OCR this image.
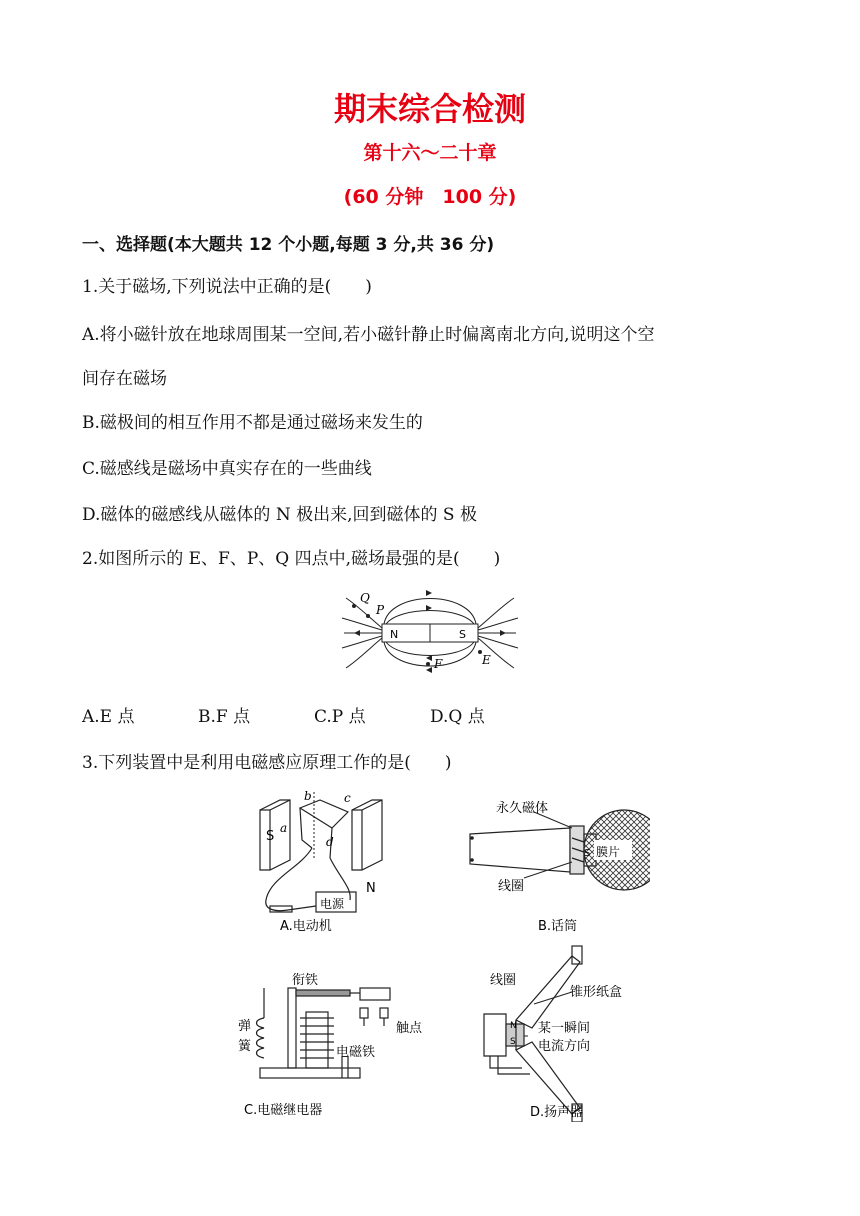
期末综合检测
第十六～二十章
(60 分钟　100 分)
一、选择题(本大题共 12 个小题,每题 3 分,共 36 分)
1.关于磁场,下列说法中正确的是(　　)
A.将小磁针放在地球周围某一空间,若小磁针静止时偏离南北方向,说明这个空
间存在磁场
B.磁极间的相互作用不都是通过磁场来发生的
C.磁感线是磁场中真实存在的一些曲线
D.磁体的磁感线从磁体的 N 极出来,回到磁体的 S 极
2.如图所示的 E、F、P、Q 四点中,磁场最强的是(　　)
N	S
Q
P
F	E
A.E 点	B.F 点	C.P 点	D.Q 点
3.下列装置中是利用电磁感应原理工作的是(　　)
S
N
a
b	c
d
电源
A.电动机
永久磁体
膜片
S
线圈
B.话筒
衔铁
弹
簧
触点
电磁铁
C.电磁继电器
线圈
锥形纸盒
某一瞬间
电流方向
N
S
D.扬声器
